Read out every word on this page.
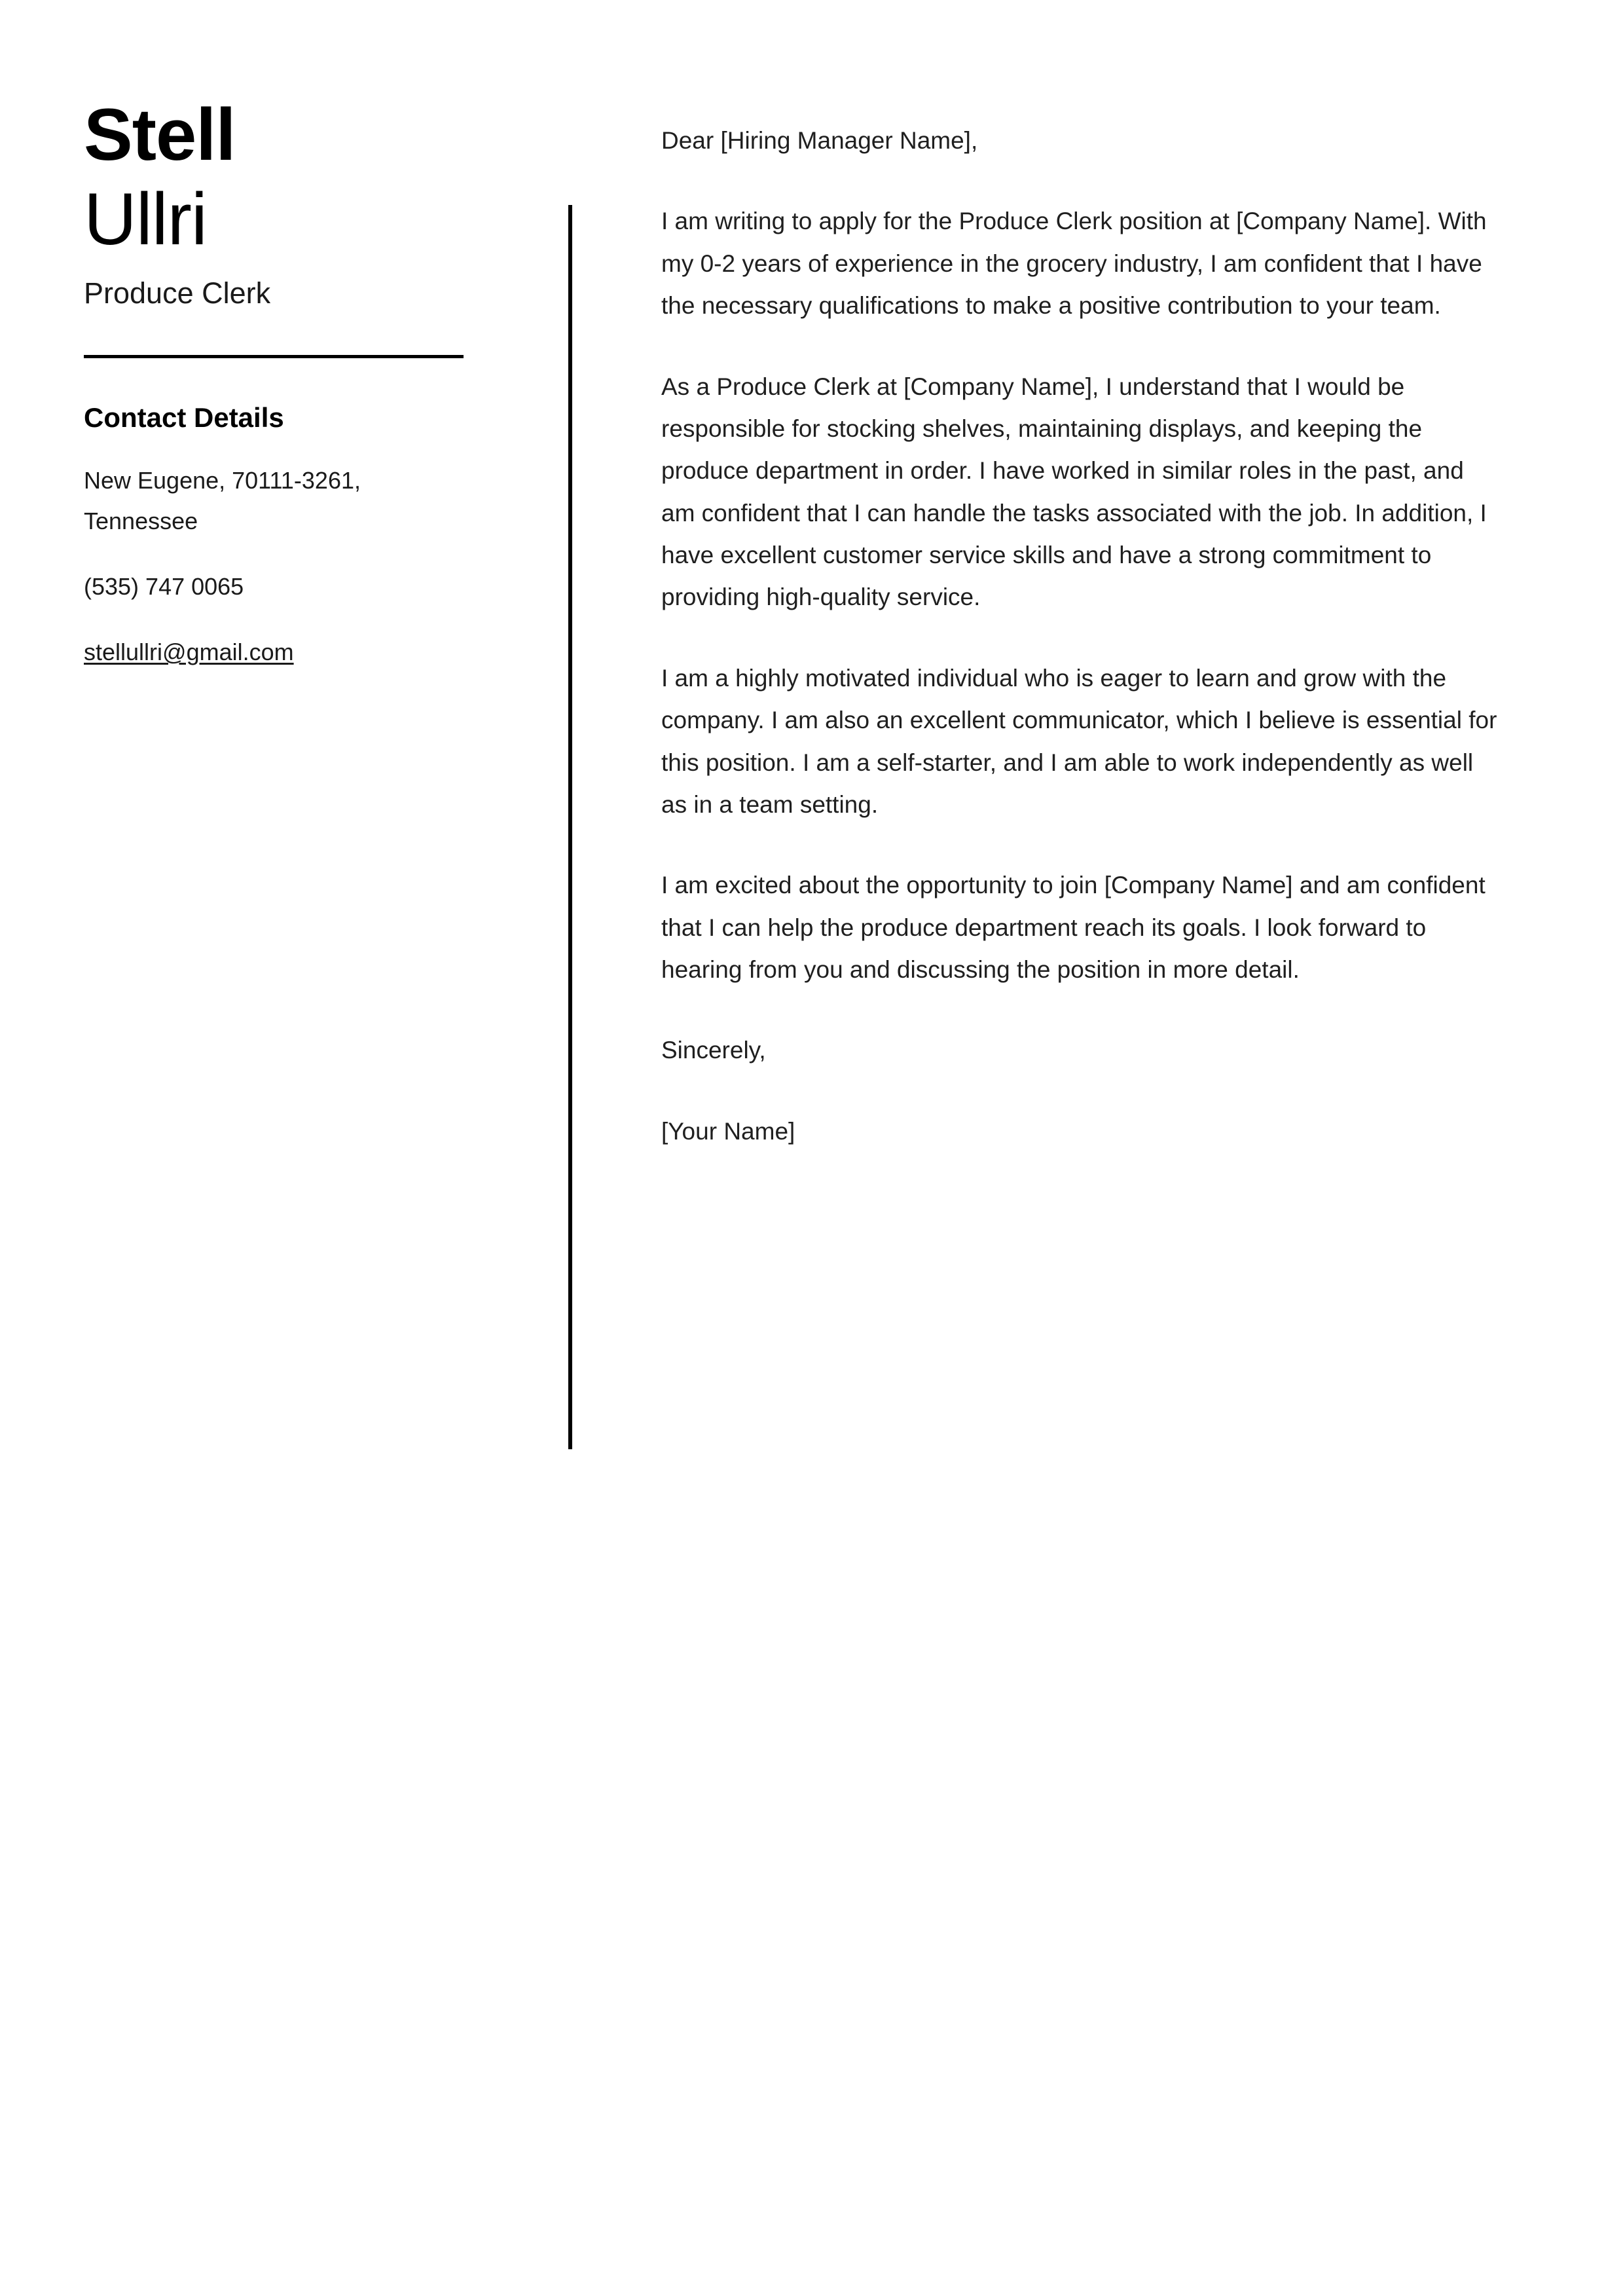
Stell
Ullri
Produce Clerk
Contact Details
New Eugene, 70111-3261, Tennessee
(535) 747 0065
stellullri@gmail.com

Dear [Hiring Manager Name],

I am writing to apply for the Produce Clerk position at [Company Name]. With my 0-2 years of experience in the grocery industry, I am confident that I have the necessary qualifications to make a positive contribution to your team.

As a Produce Clerk at [Company Name], I understand that I would be responsible for stocking shelves, maintaining displays, and keeping the produce department in order. I have worked in similar roles in the past, and am confident that I can handle the tasks associated with the job. In addition, I have excellent customer service skills and have a strong commitment to providing high-quality service.

I am a highly motivated individual who is eager to learn and grow with the company. I am also an excellent communicator, which I believe is essential for this position. I am a self-starter, and I am able to work independently as well as in a team setting.

I am excited about the opportunity to join [Company Name] and am confident that I can help the produce department reach its goals. I look forward to hearing from you and discussing the position in more detail.

Sincerely,

[Your Name]
